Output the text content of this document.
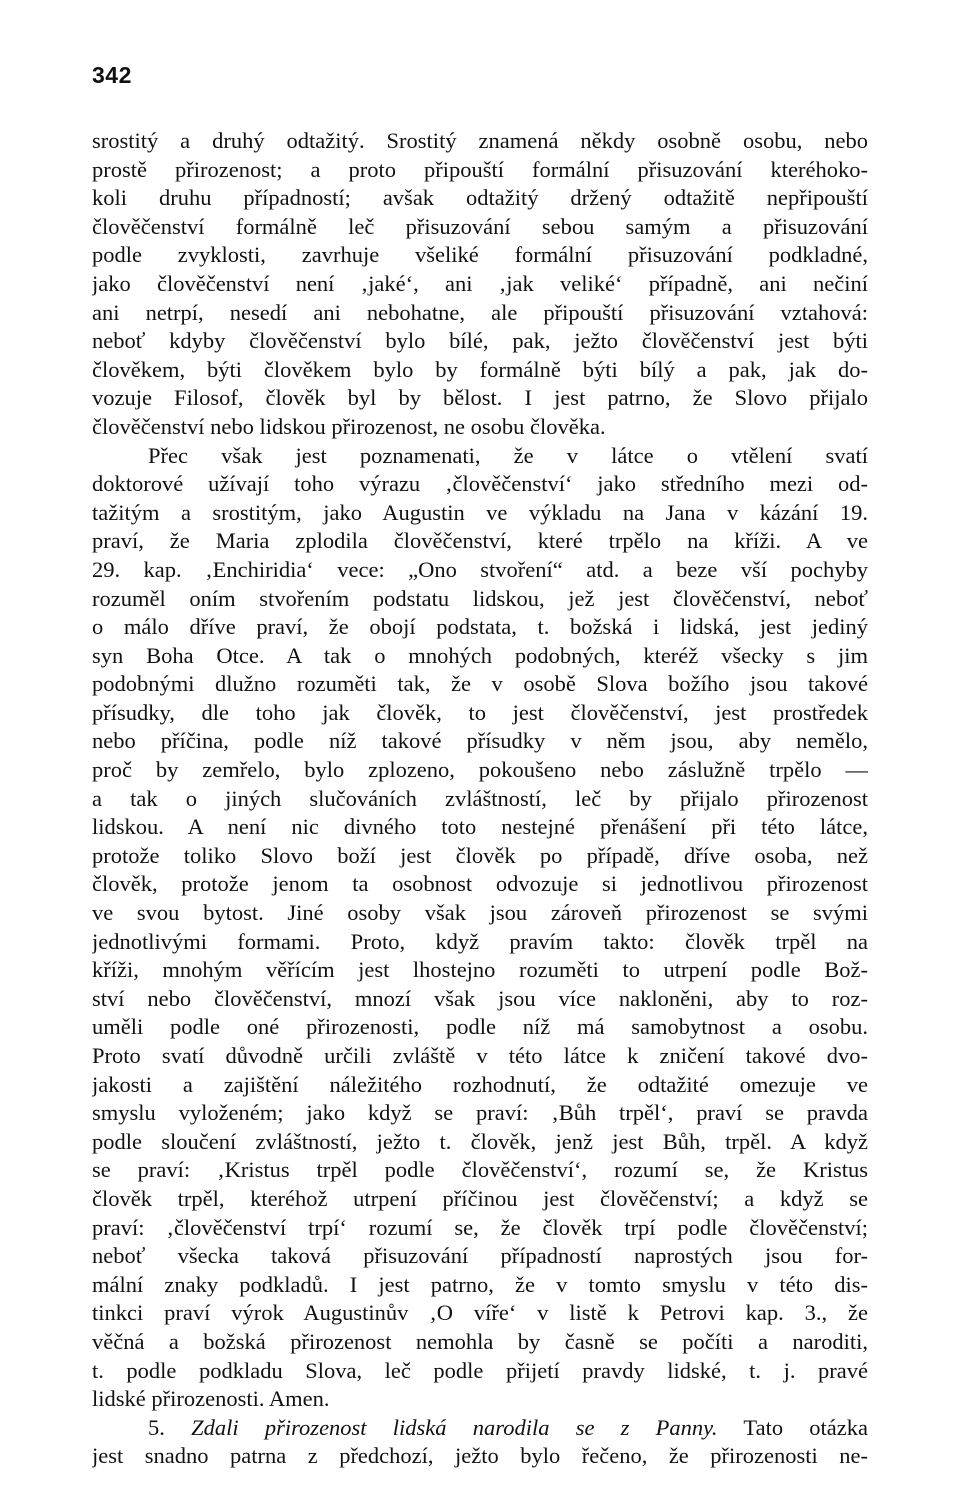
342
srostitý a druhý odtažitý. Srostitý znamená někdy osobně osobu, nebo
prostě přirozenost; a proto připouští formální přisuzování kteréhoko-
koli druhu případností; avšak odtažitý držený odtažitě nepřipouští
člověčenství formálně leč přisuzování sebou samým a přisuzování
podle zvyklosti, zavrhuje všeliké formální přisuzování podkladné,
jako člověčenství není ‚jaké‘, ani ‚jak veliké‘ případně, ani nečiní
ani netrpí, nesedí ani nebohatne, ale připouští přisuzování vztahová:
neboť kdyby člověčenství bylo bílé, pak, ježto člověčenství jest býti
člověkem, býti člověkem bylo by formálně býti bílý a pak, jak do-
vozuje Filosof, člověk byl by bělost. I jest patrno, že Slovo přijalo
člověčenství nebo lidskou přirozenost, ne osobu člověka.
Přec však jest poznamenati, že v látce o vtělení svatí
doktorové užívají toho výrazu ‚člověčenství‘ jako středního mezi od-
tažitým a srostitým, jako Augustin ve výkladu na Jana v kázání 19.
praví, že Maria zplodila člověčenství, které trpělo na kříži. A ve
29. kap. ‚Enchiridia‘ vece: „Ono stvoření“ atd. a beze vší pochyby
rozuměl oním stvořením podstatu lidskou, jež jest člověčenství, neboť
o málo dříve praví, že obojí podstata, t. božská i lidská, jest jediný
syn Boha Otce. A tak o mnohých podobných, kteréž všecky s jim
podobnými dlužno rozuměti tak, že v osobě Slova božího jsou takové
přísudky, dle toho jak člověk, to jest člověčenství, jest prostředek
nebo příčina, podle níž takové přísudky v něm jsou, aby nemělo,
proč by zemřelo, bylo zplozeno, pokoušeno nebo záslužně trpělo —
a tak o jiných slučováních zvláštností, leč by přijalo přirozenost
lidskou. A není nic divného toto nestejné přenášení při této látce,
protože toliko Slovo boží jest člověk po případě, dříve osoba, než
člověk, protože jenom ta osobnost odvozuje si jednotlivou přirozenost
ve svou bytost. Jiné osoby však jsou zároveň přirozenost se svými
jednotlivými formami. Proto, když pravím takto: člověk trpěl na
kříži, mnohým věřícím jest lhostejno rozuměti to utrpení podle Bož-
ství nebo člověčenství, mnozí však jsou více nakloněni, aby to roz-
uměli podle oné přirozenosti, podle níž má samobytnost a osobu.
Proto svatí důvodně určili zvláště v této látce k zničení takové dvo-
jakosti a zajištění náležitého rozhodnutí, že odtažité omezuje ve
smyslu vyloženém; jako když se praví: ‚Bůh trpěl‘, praví se pravda
podle sloučení zvláštností, ježto t. člověk, jenž jest Bůh, trpěl. A když
se praví: ‚Kristus trpěl podle člověčenství‘, rozumí se, že Kristus
člověk trpěl, kteréhož utrpení příčinou jest člověčenství; a když se
praví: ‚člověčenství trpí‘ rozumí se, že člověk trpí podle člověčenství;
neboť všecka taková přisuzování případností naprostých jsou for-
mální znaky podkladů. I jest patrno, že v tomto smyslu v této dis-
tinkci praví výrok Augustinův ‚O víře‘ v listě k Petrovi kap. 3., že
věčná a božská přirozenost nemohla by časně se počíti a naroditi,
t. podle podkladu Slova, leč podle přijetí pravdy lidské, t. j. pravé
lidské přirozenosti. Amen.
5. Zdali přirozenost lidská narodila se z Panny. Tato otázka
jest snadno patrna z předchozí, ježto bylo řečeno, že přirozenosti ne-
